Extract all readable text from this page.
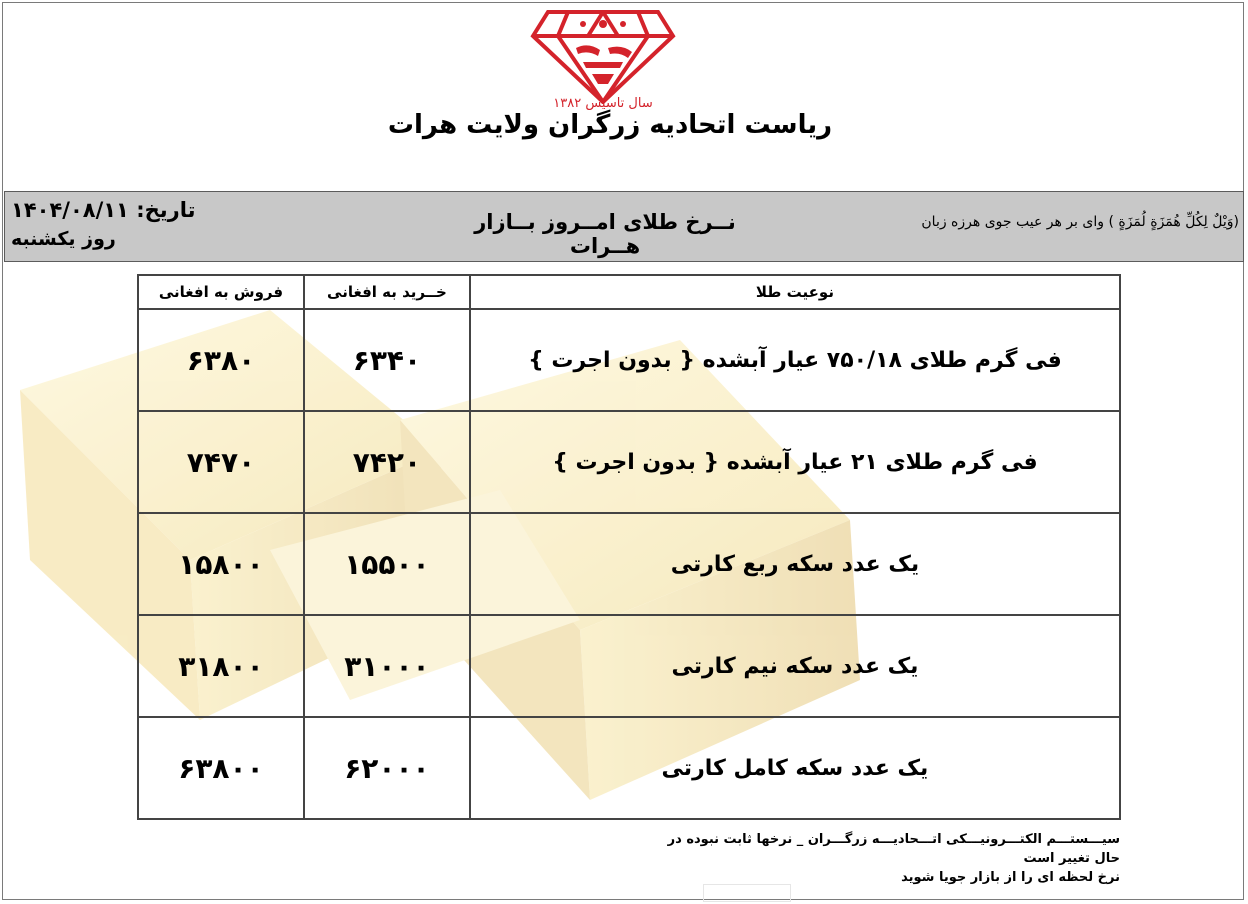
سال تاسیس ۱۳۸۲
ریاست اتحادیه زرگران ولایت هرات
تاریخ: ۱۴۰۴/۰۸/۱۱
روز یکشنبه
نــرخ طلای امــروز بــازار هــرات
(وَيْلٌ لِكُلِّ هُمَزَةٍ لُمَزَةٍ ) وای بر هر عیب جوی هرزه زبان
نوعیت طلا	خــرید به افغانی	فروش به افغانی
فی گرم طلای ۷۵۰/۱۸ عیار آبشده { بدون اجرت }	۶۳۴۰	۶۳۸۰
فی گرم طلای ۲۱ عیار آبشده { بدون اجرت }	۷۴۲۰	۷۴۷۰
یک عدد سکه ربع کارتی	۱۵۵۰۰	۱۵۸۰۰
یک عدد سکه نیم کارتی	۳۱۰۰۰	۳۱۸۰۰
یک عدد سکه کامل کارتی	۶۲۰۰۰	۶۳۸۰۰
سیـــستـــم الکتـــرونیـــکی اتـــحادیـــه زرگـــران _ نرخها ثابت نبوده در حال تغییر است
نرخ لحظه ای را از بازار جویا شوید
